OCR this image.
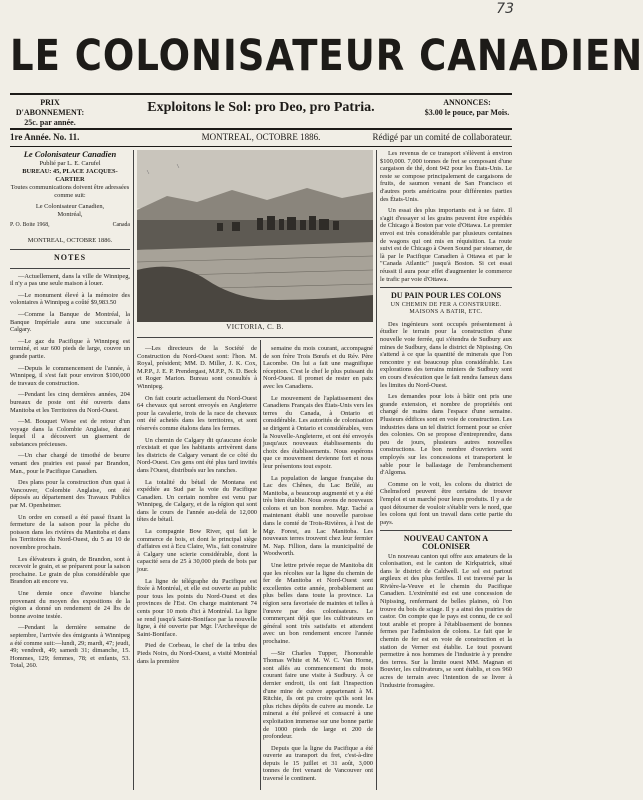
73
LE COLONISATEUR CANADIEN
PRIX D'ABONNEMENT:
25c. par année.
Exploitons le Sol: pro Deo, pro Patria.	ANNONCES:
$3.00 le pouce, par Mois.
1re Année. No. 11.	MONTREAL, OCTOBRE 1886.	Rédigé par un comité de collaborateur.
Le Colonisateur Canadien
Publié par L. E. Carufel
BUREAU: 45, PLACE JACQUES-CARTIER
Toutes communications doivent être adressées comme suit:
Le Colonisateur Canadien,
Montréal,
P. O. Boite 1968,	Canada
MONTREAL, OCTOBRE 1886.
NOTES

—Actuellement, dans la ville de Winnipeg, il n'y a pas une seule maison à louer.

—Le monument élevé à la mémoire des volontaires à Winnipeg a coûté $9,983.50

—Comme la Banque de Montréal, la Banque Impériale aura une succursale à Calgary.

—Le gaz du Pacifique à Winnipeg est terminé, et sur 600 pieds de large, couvre un grande partie.

—Depuis le commencement de l'année, à Winnipeg, il s'est fait pour environ $100,000 de travaux de construction.

—Pendant les cinq dernières années, 204 bureaux de poste ont été ouverts dans Manitoba et les Territoires du Nord-Ouest.

—M. Bouquet Wiese est de retour d'un voyage dans la Colombie Anglaise, durant lequel il a découvert un gisement de substances précieuses.

—Un char chargé de timothé de beurre venant des prairies est passé par Brandon, Man., pour le Pacifique Canadien.

Des plans pour la construction d'un quai à Vancouver, Colombie Anglaise, ont été déposés au département des Travaux Publics par M. Openheimer.

Un ordre en conseil a été passé fixant la fermeture de la saison pour la pêche du poisson dans les rivières du Manitoba et dans les Territoires du Nord-Ouest, du 5 au 10 de novembre prochain.

Les élévateurs à grain, de Brandon, sont à recevoir le grain, et se préparent pour la saison prochaine. Le grain de plus considérable que Brandon ait encore vu.

Une demie once d'avoine blanche provenant du moyen des expositions de la région a donné un rendement de 24 lbs de bonne avoine testée.

—Pendant la dernière semaine de septembre, l'arrivée des émigrants à Winnipeg a été comme suit:—lundi, 29; mardi, 47; jeudi, 49; vendredi, 49; samedi 31; dimanche, 15. Hommes, 129; femmes, 78; et enfants, 53. Total, 260.

VICTORIA, C. B.

—Les directeurs de la Société de Construction du Nord-Ouest sont: l'hon. M. Royal, président; MM. D. Miller, J. K. Cox, M.P.P., J. E. P. Prendergast, M.P.P., N. D. Beck et Roger Marion. Bureau sont consultés à Winnipeg.

On fait courir actuellement du Nord-Ouest 64 chevaux qui seront envoyés en Angleterre pour la cavalerie, trois de la race de chevaux ont été achetés dans les territoires, et sont réservés comme étalons dans les fermes.

Un chemin de Calgary dit qu'aucune école n'existait et que les habitants arrivèrent dans les districts de Calgary venant de ce côté du Nord-Ouest. Ces gens ont été plus tard invités dans l'Ouest, distribués sur les ranches.

La totalité du bétail de Montana est expédiée au Sud par la voie du Pacifique Canadien. Un certain nombre est venu par Winnipeg, de Calgary, et de la région qui sont dans le cours de l'année au-delà de 12,000 têtes de bétail.

La compagnie Bow River, qui fait le commerce de bois, et dont le principal siège d'affaires est à Ecu Claire, Wis., fait construire à Calgary une scierie considérable, dont la capacité sera de 25 à 30,000 pieds de bois par jour.

La ligne de télégraphe du Pacifique est fixée à Montréal, et elle est ouverte au public pour tous les points du Nord-Ouest et des provinces de l'Est. On charge maintenant 74 cents pour 10 mots d'ici à Montréal. La ligne se rend jusqu'à Saint-Boniface par la nouvelle ligne, à été ouverte par Mgr. l'Archevêque de Saint-Boniface.

Pied de Corbeau, le chef de la tribu des Pieds Noirs, du Nord-Ouest, a visité Montréal dans la première

semaine du mois courant, accompagné de son frère Trois Bœufs et du Rév. Père Lacombe. On lui a fait une magnifique réception. C'est le chef le plus puissant du Nord-Ouest. Il promet de rester en paix avec les Canadiens.

Le mouvement de l'aplatissement des Canadiens Français des États-Unis vers les terres du Canada, à Ontario et considérable. Les autorités de colonisation se dirigent à Ontario et considérables, vers la Nouvelle-Angleterre, et ont été envoyés jusqu'aux nouveaux établissements du choix des établissements. Nous espérons que ce mouvement devienne fort et nous leur présentons tout espoir.

La population de langue française du Lac des Chênes, du Lac Brûlé, au Manitoba, a beaucoup augmenté et y a été très bien établie. Nous avons de nouveaux colons et un bon nombre. Mgr. Taché a maintenant établi une nouvelle paroisse dans le comté de Trois-Rivières, à l'est de Mgr. Forest, au Lac Manitoba. Les nouveaux terres trouvent chez leur fermier M. Nap. Fillion, dans la municipalité de Woodworth.

Une lettre privée reçue de Manitoba dit que les récoltes sur la ligne du chemin de fer de Manitoba et Nord-Ouest sont excellentes cette année, probablement au plus belles dans toute la province. La région sera favorisée de maintes et telles à l'œuvre par des colonisateurs. Le commerçant déjà que les cultivateurs en général sont très satisfaits et attendent avec un bon rendement encore l'année prochaine.

—Sir Charles Tupper, l'honorable Thomas White et M. W. C. Van Horne, sont allés au commencement du mois courant faire une visite à Sudbury. À ce dernier endroit, ils ont fait l'inspection d'une mine de cuivre appartenant à M. Ritchie, ils ont pu croire qu'ils sont les plus riches dépôts de cuivre au monde. Le minerai a été prélevé et consacré à une exploitation immense sur une bonne partie de 1000 pieds de large et 200 de profondeur.

Depuis que la ligne du Pacifique a été ouverte au transport du fret, c'est-à-dire depuis le 15 juillet et 31 août, 3,000 tonnes de fret venant de Vancouver ont traversé le continent.

Les revenus de ce transport s'élèvent à environ $100,000. 7,000 tonnes de fret se composant d'une cargaison de thé, dont 942 pour les États-Unis. Le reste se compose principalement de cargaisons de fruits, de saumon venant de San Francisco et d'autres ports américains pour différentes parties des États-Unis.

Un essai des plus importants est à se faire. Il s'agit d'essayer si les grains peuvent être expédiés de Chicago à Boston par voie d'Ottawa. Le premier envoi est très considérable par plusieurs centaines de wagons qui ont mis en réquisition. La route suivi est de Chicago à Owen Sound par steamer, de là par le Pacifique Canadien à Ottawa et par le "Canada Atlantic" jusqu'à Boston. Si cet essai réussit il aura pour effet d'augmenter le commerce le trafic par voie d'Ottawa.

DU PAIN POUR LES COLONS
UN CHEMIN DE FER A CONSTRUIRE. MAISONS A BATIR, ETC.

Des ingénieurs sont occupés présentement à étudier le terrain pour la construction d'une nouvelle voie ferrée, qui s'étendra de Sudbury aux mines de Sudbury, dans le district de Nipissing. On s'attend à ce que la quantité de minerais que l'on rencontre y est beaucoup plus considérable. Les explorations des terrains miniers de Sudbury sont en cours d'exécution que le fait rendra fameux dans les limites du Nord-Ouest.

Les demandes pour lots à bâtir ont pris une grande extension, et nombre de propriétés ont changé de mains dans l'espace d'une semaine. Plusieurs édifices sont en voie de construction. Les industries dans un tel district forment pour se créer des colonies. On se propose d'entreprendre, dans peu de jours, plusieurs autres nouvelles constructions. Le bon nombre d'ouvriers sont employés sur les concessions et transportent le sable pour le ballastage de l'embranchement d'Algoma.

Comme on le voit, les colons du district de Chelmsford peuvent être certains de trouver l'emploi et un marché pour leurs produits. Il y a de quoi détourner de vouloir s'établir vers le nord, que les colons qui font un travail dans cette partie du pays.

NOUVEAU CANTON A COLONISER

Un nouveau canton qui offre aux amateurs de la colonisation, est le canton de Kirkpatrick, situé dans le district de Caldwell. Le sol est partout argileux et des plus fertiles. Il est traversé par la Rivière-la-Veuve et le chemin du Pacifique Canadien. L'extrémité est est une concession de Nipissing, renfermant de belles plaines, où l'on trouve du bois de sciage. Il y a ainsi des prairies de castor. On compte que le pays est connu, de ce sol tout arable et propre à l'établissement de bonnes fermes par l'admission de colons. Le fait que le chemin de fer est en voie de construction et la station de Verner est établie. Le tout pouvant permettre à nos hommes de l'industrie à y prendre des terres. Sur la limite ouest MM. Magnan et Bouvier, les cultivateurs, se sont établis, et ces 960 acres de terrain avec l'intention de se livrer à l'industrie fromagère.
